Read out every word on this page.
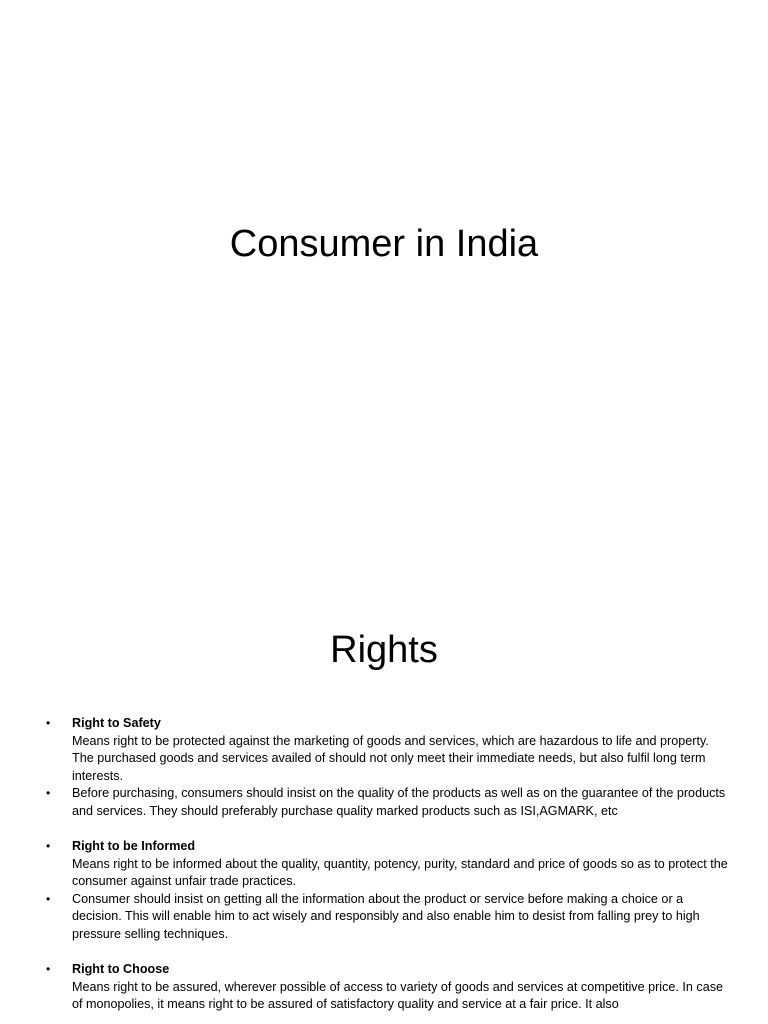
Consumer in India
Rights
• Right to Safety
Means right to be protected against the marketing of goods and services, which are hazardous to life and property. The purchased goods and services availed of should not only meet their immediate needs, but also fulfil long term interests.
• Before purchasing, consumers should insist on the quality of the products as well as on the guarantee of the products and services. They should preferably purchase quality marked products such as ISI,AGMARK, etc
• Right to be Informed
Means right to be informed about the quality, quantity, potency, purity, standard and price of goods so as to protect the consumer against unfair trade practices.
• Consumer should insist on getting all the information about the product or service before making a choice or a decision. This will enable him to act wisely and responsibly and also enable him to desist from falling prey to high pressure selling techniques.
• Right to Choose
Means right to be assured, wherever possible of access to variety of goods and services at competitive price. In case of monopolies, it means right to be assured of satisfactory quality and service at a fair price. It also
